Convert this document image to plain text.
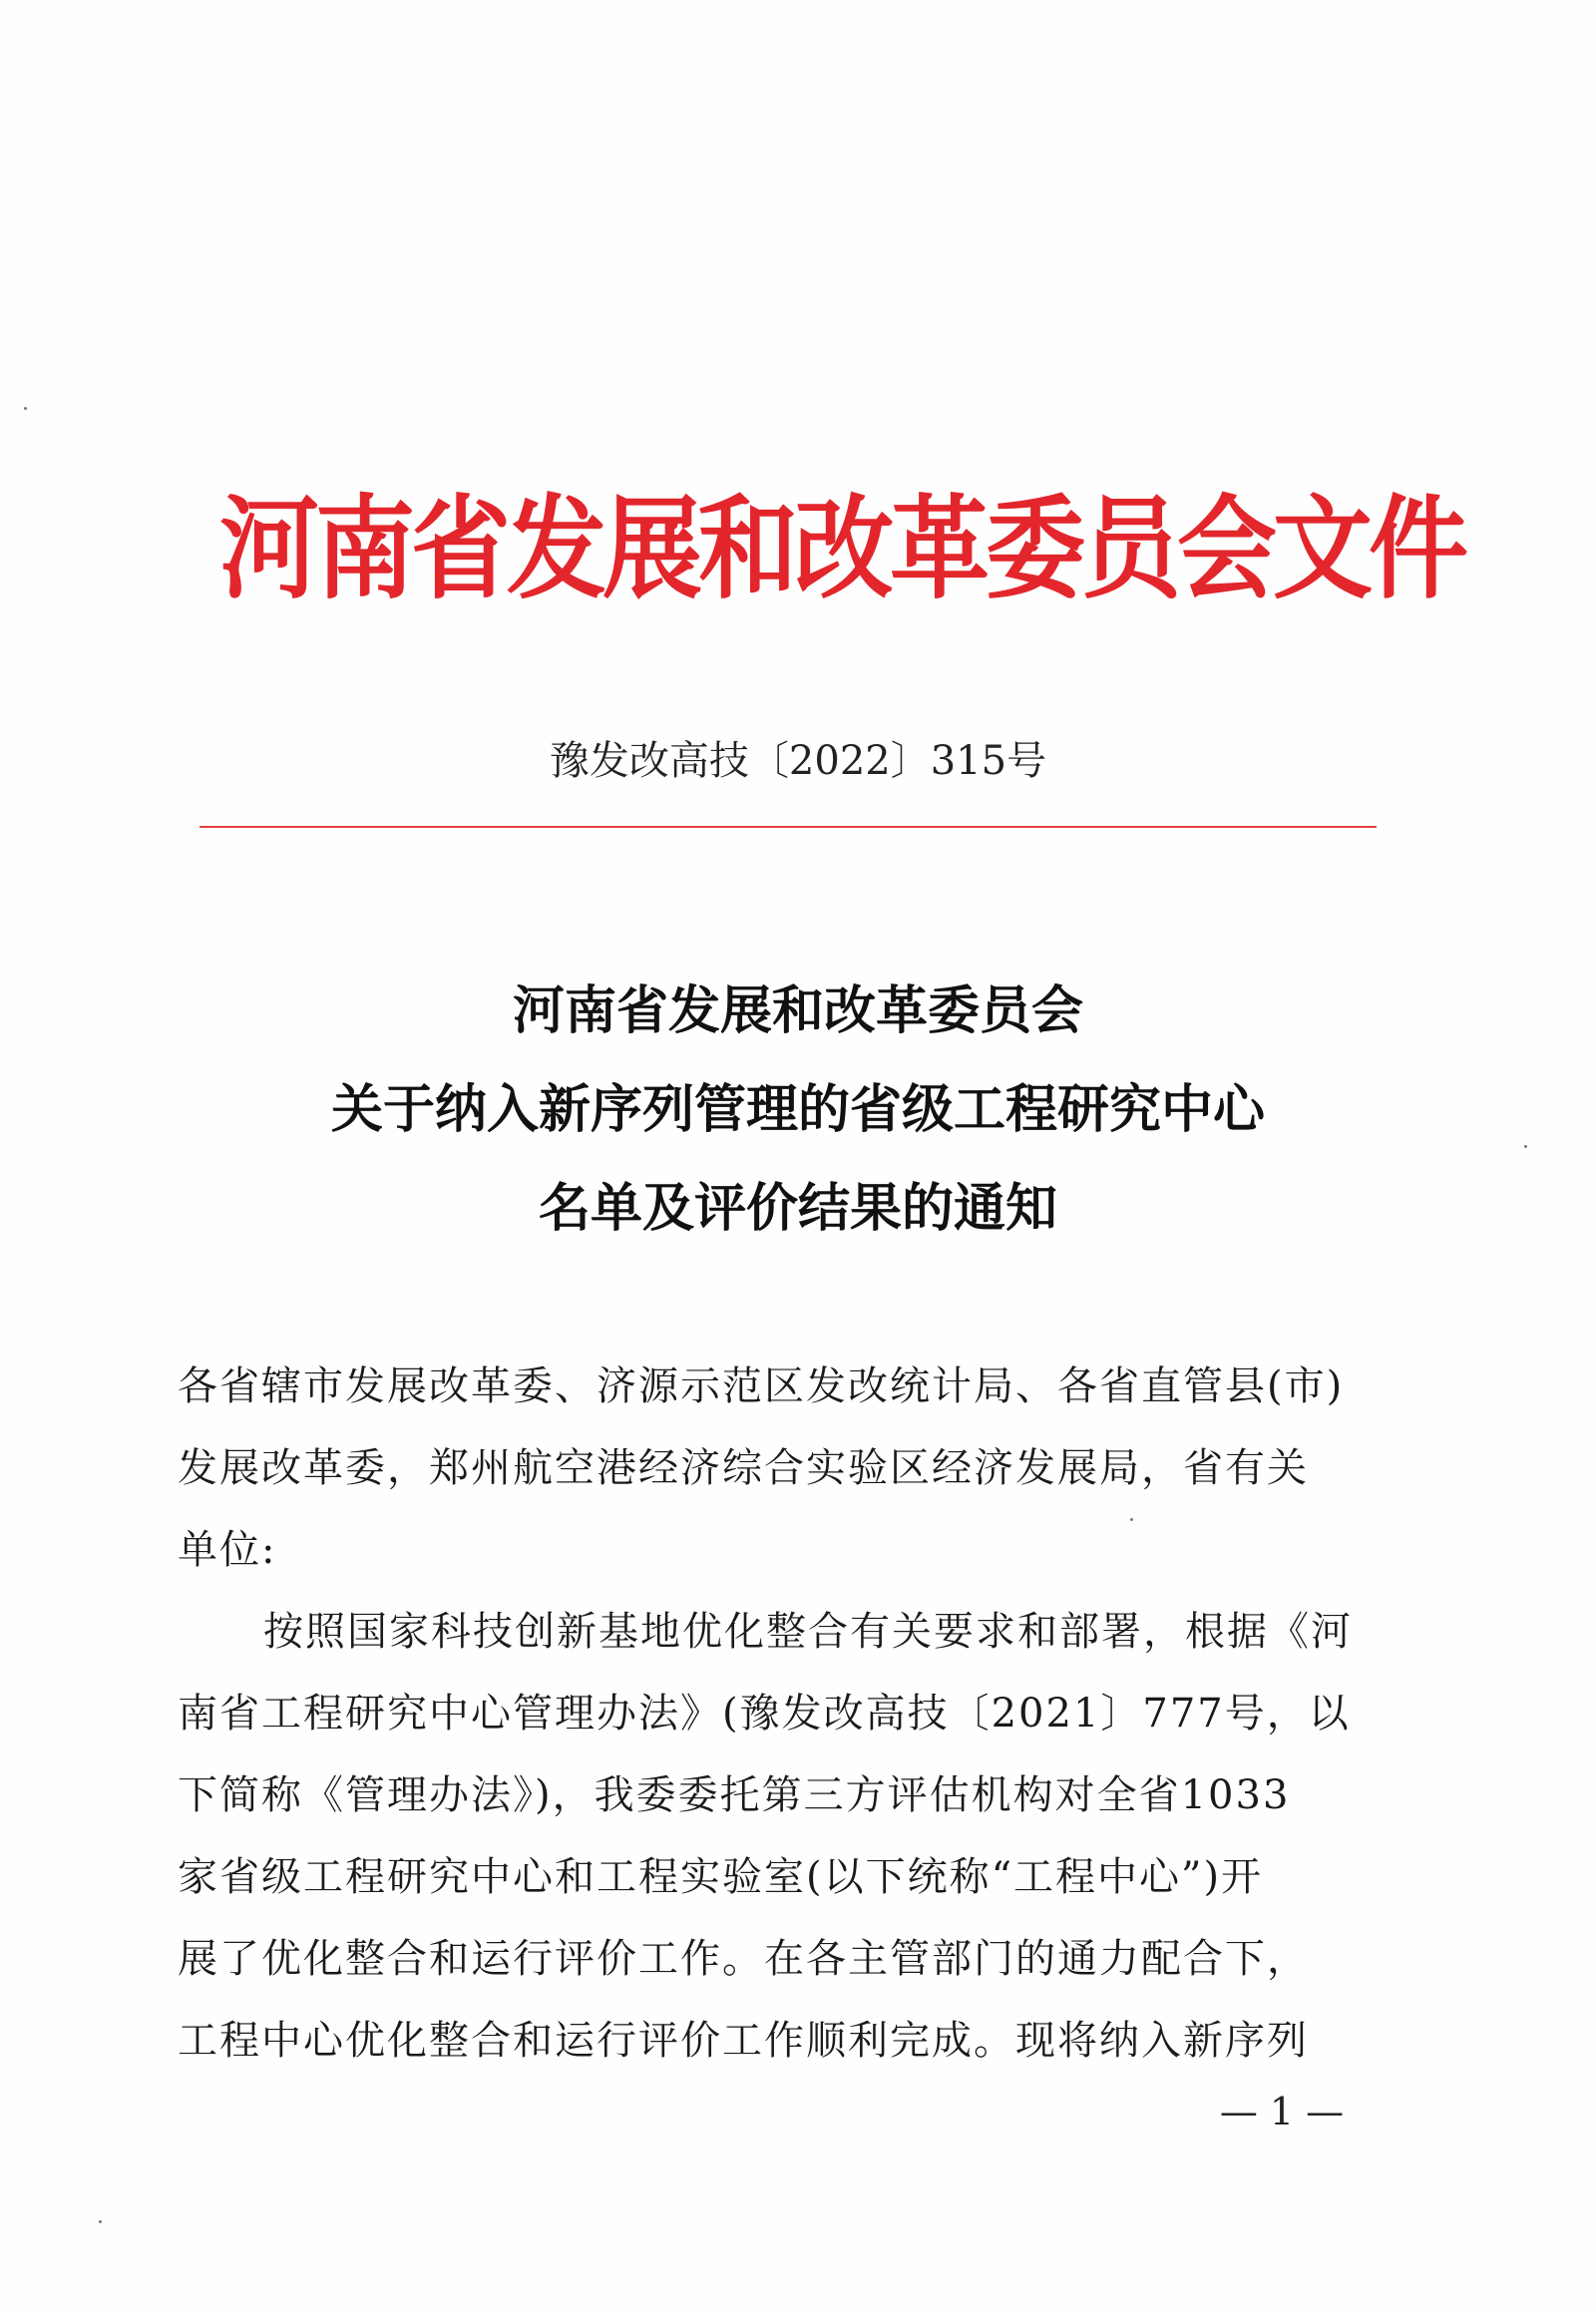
河南省发展和改革委员会文件
豫发改高技〔2022〕315号
河南省发展和改革委员会
关于纳入新序列管理的省级工程研究中心
名单及评价结果的通知
各省辖市发展改革委、济源示范区发改统计局、各省直管县(市)
发展改革委，郑州航空港经济综合实验区经济发展局，省有关
单位:
按照国家科技创新基地优化整合有关要求和部署，根据《河
南省工程研究中心管理办法》(豫发改高技〔2021〕777号，以
下简称《管理办法》)，我委委托第三方评估机构对全省1033
家省级工程研究中心和工程实验室(以下统称“工程中心”)开
展了优化整合和运行评价工作。在各主管部门的通力配合下，
工程中心优化整合和运行评价工作顺利完成。现将纳入新序列
— 1 —
